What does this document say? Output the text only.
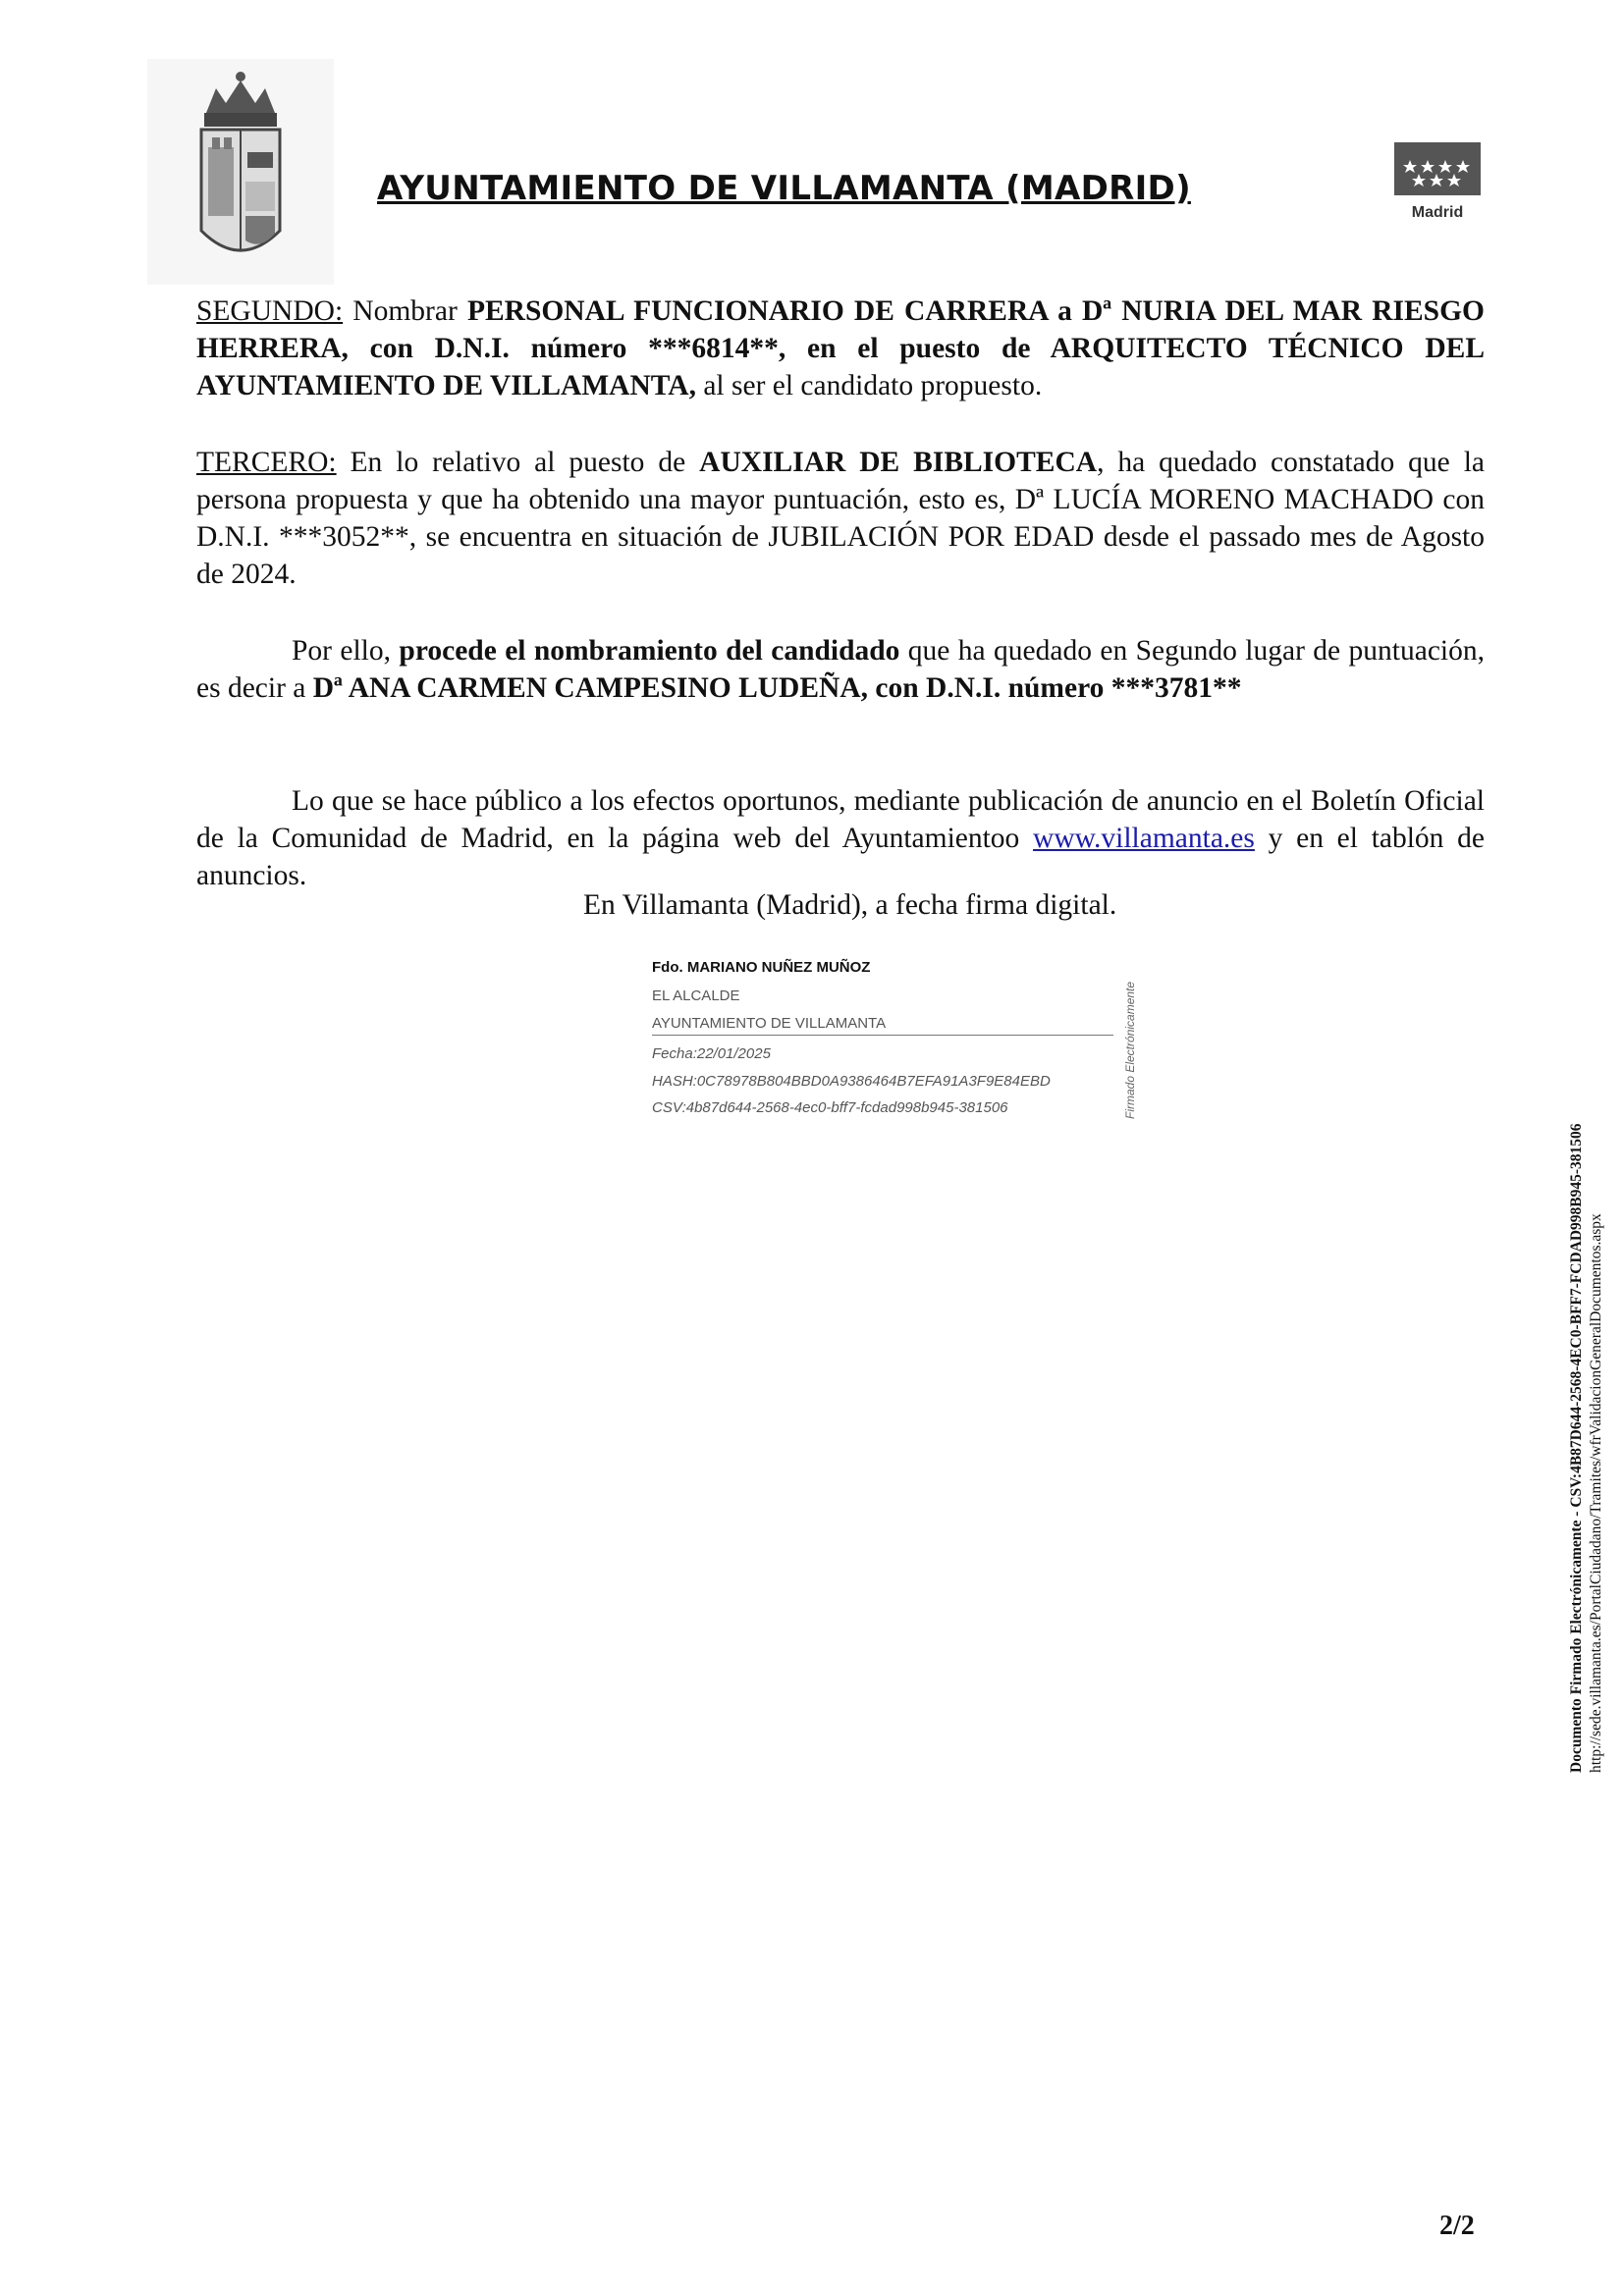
Madrid
AYUNTAMIENTO DE VILLAMANTA (MADRID)

SEGUNDO: Nombrar PERSONAL FUNCIONARIO DE CARRERA a Dª NURIA DEL MAR RIESGO HERRERA, con D.N.I. número ***6814**, en el puesto de ARQUITECTO TÉCNICO DEL AYUNTAMIENTO DE VILLAMANTA, al ser el candidato propuesto.

TERCERO: En lo relativo al puesto de AUXILIAR DE BIBLIOTECA, ha quedado constatado que la persona propuesta y que ha obtenido una mayor puntuación, esto es, Dª LUCÍA MORENO MACHADO con D.N.I. ***3052**, se encuentra en situación de JUBILACIÓN POR EDAD desde el passado mes de Agosto de 2024.

Por ello, procede el nombramiento del candidado que ha quedado en Segundo lugar de puntuación, es decir a Dª ANA CARMEN CAMPESINO LUDEÑA, con D.N.I. número ***3781**

Lo que se hace público a los efectos oportunos, mediante publicación de anuncio en el Boletín Oficial de la Comunidad de Madrid, en la página web del Ayuntamientoo www.villamanta.es y en el tablón de anuncios.

En Villamanta (Madrid), a fecha firma digital.
Fdo. MARIANO NUÑEZ MUÑOZ
EL ALCALDE
AYUNTAMIENTO DE VILLAMANTA
Fecha:22/01/2025
HASH:0C78978B804BBD0A9386464B7EFA91A3F9E84EBD
CSV:4b87d644-2568-4ec0-bff7-fcdad998b945-381506	Firmado Electrónicamente
Documento Firmado Electrónicamente - CSV:4B87D644-2568-4EC0-BFF7-FCDAD998B945-381506 http://sede.villamanta.es/PortalCiudadano/Tramites/wfrValidacionGeneralDocumentos.aspx
2/2
